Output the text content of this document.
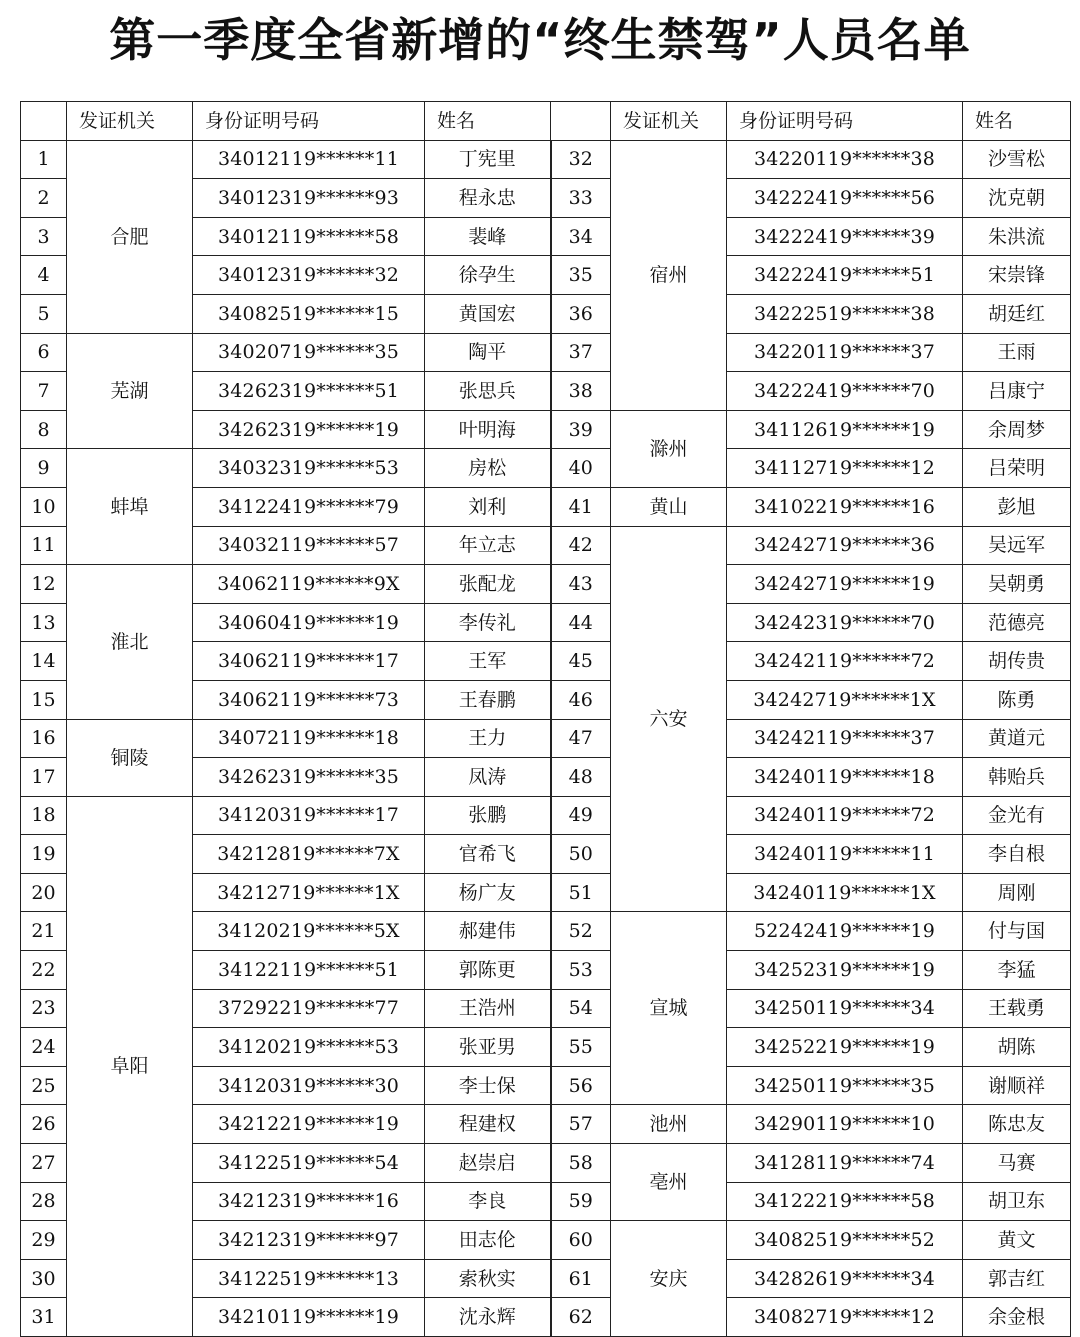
第一季度全省新增的“终生禁驾”人员名单
	发证机关	身份证明号码	姓名		发证机关	身份证明号码	姓名
1	合肥	34012119******11	丁宪里	32	宿州	34220119******38	沙雪松
2		34012319******93	程永忠	33		34222419******56	沈克朝
3		34012119******58	裴峰	34		34222419******39	朱洪流
4		34012319******32	徐孕生	35		34222419******51	宋崇锋
5		34082519******15	黄国宏	36		34222519******38	胡廷红
6	芜湖	34020719******35	陶平	37		34220119******37	王雨
7		34262319******51	张思兵	38		34222419******70	吕康宁
8		34262319******19	叶明海	39	滁州	34112619******19	余周梦
9	蚌埠	34032319******53	房松	40		34112719******12	吕荣明
10		34122419******79	刘利	41	黄山	34102219******16	彭旭
11		34032119******57	年立志	42	六安	34242719******36	吴远军
12	淮北	34062119******9X	张配龙	43		34242719******19	吴朝勇
13		34060419******19	李传礼	44		34242319******70	范德亮
14		34062119******17	王军	45		34242119******72	胡传贵
15		34062119******73	王春鹏	46		34242719******1X	陈勇
16	铜陵	34072119******18	王力	47		34242119******37	黄道元
17		34262319******35	凤涛	48		34240119******18	韩贻兵
18	阜阳	34120319******17	张鹏	49		34240119******72	金光有
19		34212819******7X	官希飞	50		34240119******11	李自根
20		34212719******1X	杨广友	51		34240119******1X	周刚
21		34120219******5X	郝建伟	52	宣城	52242419******19	付与国
22		34122119******51	郭陈更	53		34252319******19	李猛
23		37292219******77	王浩州	54		34250119******34	王载勇
24		34120219******53	张亚男	55		34252219******19	胡陈
25		34120319******30	李士保	56		34250119******35	谢顺祥
26		34212219******19	程建权	57	池州	34290119******10	陈忠友
27		34122519******54	赵崇启	58	亳州	34128119******74	马赛
28		34212319******16	李良	59		34122219******58	胡卫东
29		34212319******97	田志伦	60	安庆	34082519******52	黄文
30		34122519******13	索秋实	61		34282619******34	郭吉红
31		34210119******19	沈永辉	62		34082719******12	余金根
